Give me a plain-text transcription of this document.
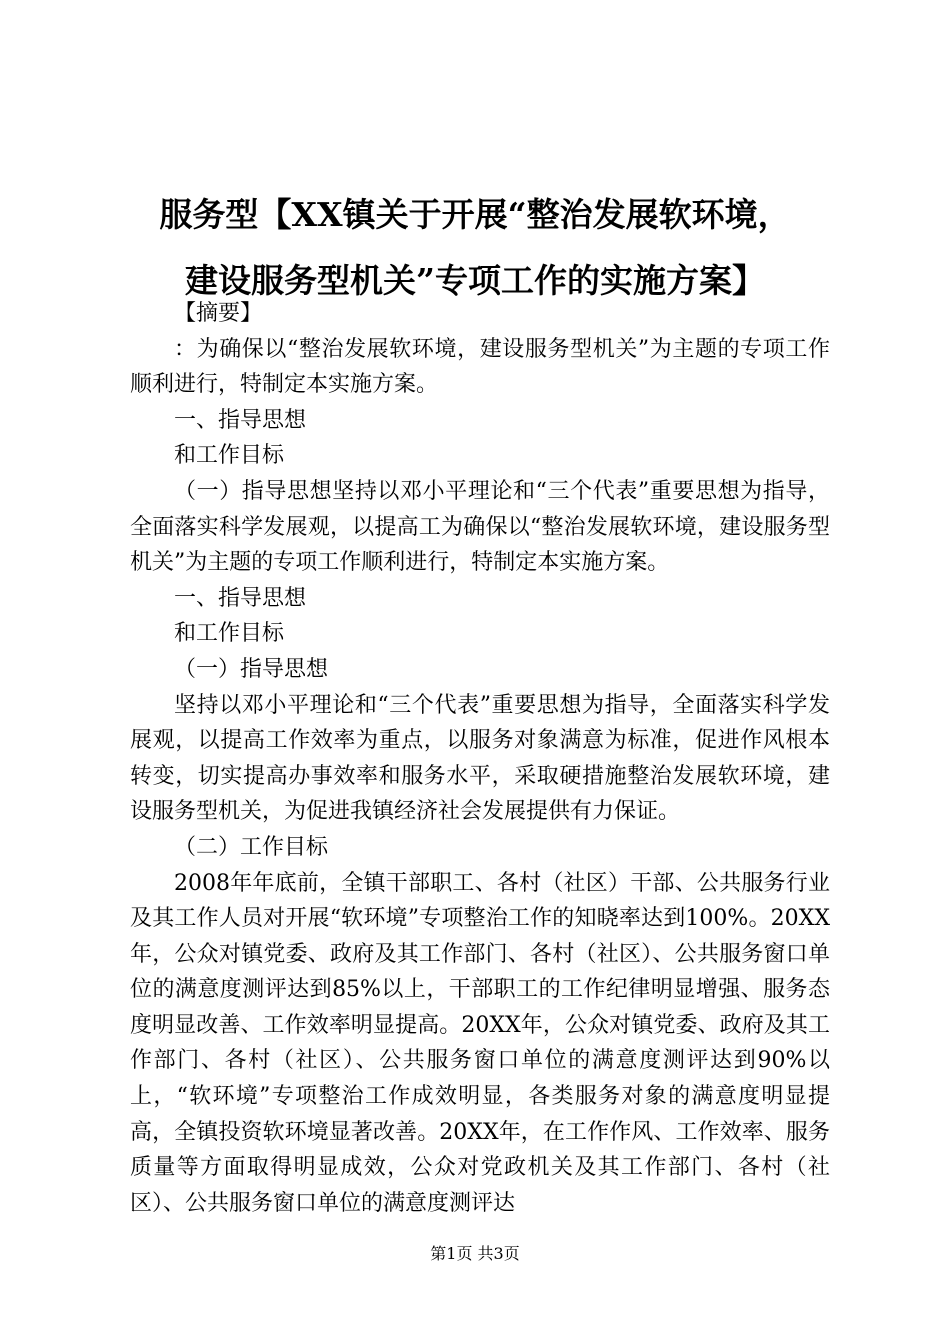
服务型【XX镇关于开展“整治发展软环境，
建设服务型机关”专项工作的实施方案】

【摘要】

：为确保以“整治发展软环境，建设服务型机关”为主题的专项工作顺利进行，特制定本实施方案。

一、指导思想

和工作目标

（一）指导思想坚持以邓小平理论和“三个代表”重要思想为指导，全面落实科学发展观，以提高工为确保以“整治发展软环境，建设服务型机关”为主题的专项工作顺利进行，特制定本实施方案。

一、指导思想

和工作目标

（一）指导思想

坚持以邓小平理论和“三个代表”重要思想为指导，全面落实科学发展观，以提高工作效率为重点，以服务对象满意为标准，促进作风根本转变，切实提高办事效率和服务水平，采取硬措施整治发展软环境，建设服务型机关，为促进我镇经济社会发展提供有力保证。

（二）工作目标

2008年年底前，全镇干部职工、各村（社区）干部、公共服务行业及其工作人员对开展“软环境”专项整治工作的知晓率达到100%。20XX年，公众对镇党委、政府及其工作部门、各村（社区）、公共服务窗口单位的满意度测评达到85%以上，干部职工的工作纪律明显增强、服务态度明显改善、工作效率明显提高。20XX年，公众对镇党委、政府及其工作部门、各村（社区）、公共服务窗口单位的满意度测评达到90%以上，“软环境”专项整治工作成效明显，各类服务对象的满意度明显提高，全镇投资软环境显著改善。20XX年，在工作作风、工作效率、服务质量等方面取得明显成效，公众对党政机关及其工作部门、各村（社区）、公共服务窗口单位的满意度测评达

第1页 共3页
